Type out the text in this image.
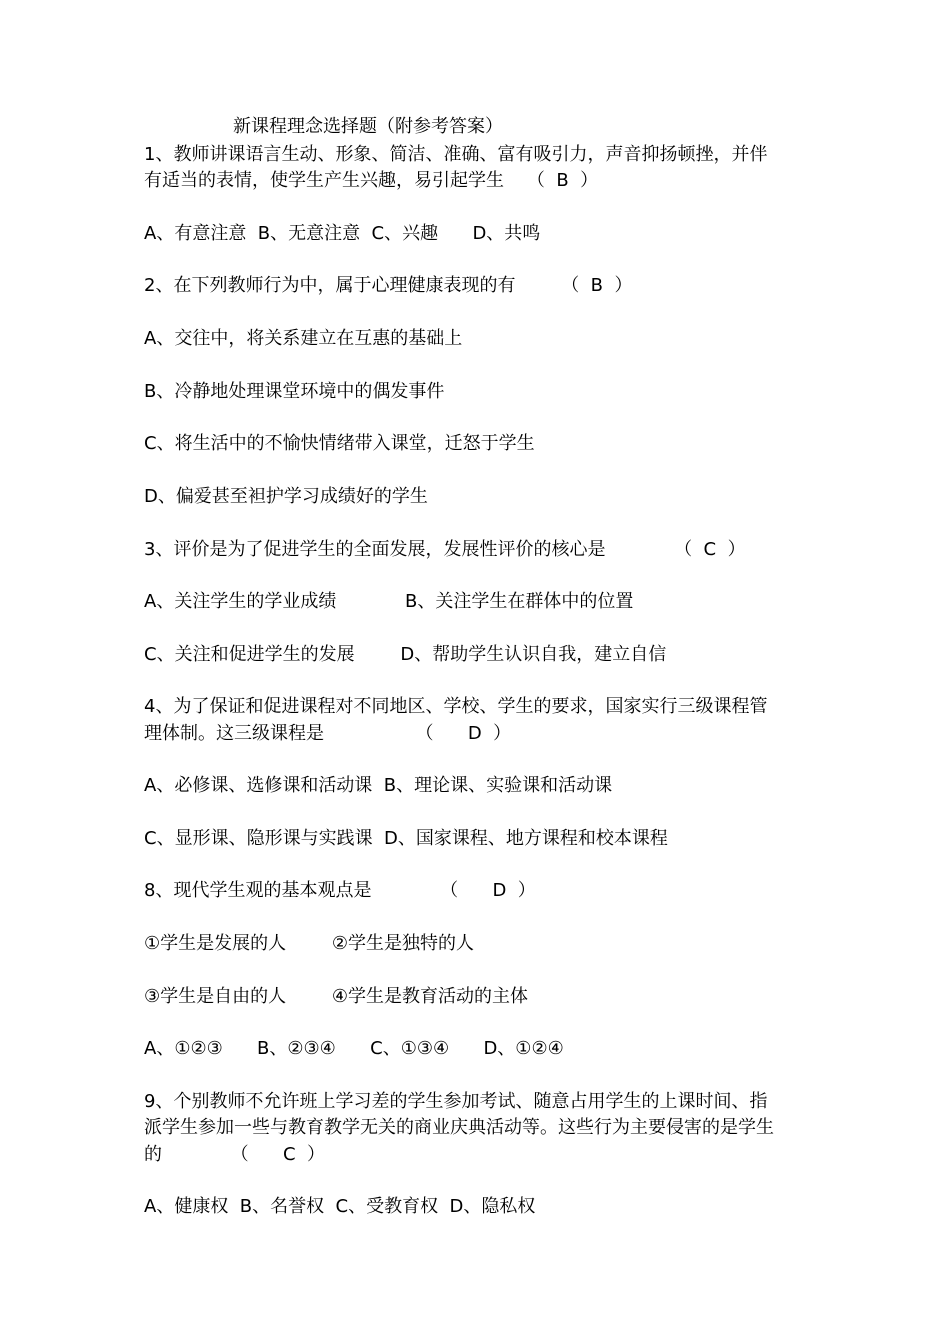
新课程理念选择题（附参考答案）
1、教师讲课语言生动、形象、简洁、准确、富有吸引力，声音抑扬顿挫，并伴
有适当的表情，使学生产生兴趣，易引起学生    （  B  ）
A、有意注意  B、无意注意  C、兴趣      D、共鸣
2、在下列教师行为中，属于心理健康表现的有        （  B  ）
A、交往中，将关系建立在互惠的基础上
B、冷静地处理课堂环境中的偶发事件
C、将生活中的不愉快情绪带入课堂，迁怒于学生
D、偏爱甚至袒护学习成绩好的学生
3、评价是为了促进学生的全面发展，发展性评价的核心是            （  C  ）
A、关注学生的学业成绩            B、关注学生在群体中的位置
C、关注和促进学生的发展        D、帮助学生认识自我，建立自信
4、为了保证和促进课程对不同地区、学校、学生的要求，国家实行三级课程管
理体制。这三级课程是                （      D  ）
A、必修课、选修课和活动课  B、理论课、实验课和活动课
C、显形课、隐形课与实践课  D、国家课程、地方课程和校本课程
8、现代学生观的基本观点是            （      D  ）
①学生是发展的人        ②学生是独特的人
③学生是自由的人        ④学生是教育活动的主体
A、①②③      B、②③④      C、①③④      D、①②④
9、个别教师不允许班上学习差的学生参加考试、随意占用学生的上课时间、指
派学生参加一些与教育教学无关的商业庆典活动等。这些行为主要侵害的是学生
的            （      C  ）
A、健康权  B、名誉权  C、受教育权  D、隐私权
